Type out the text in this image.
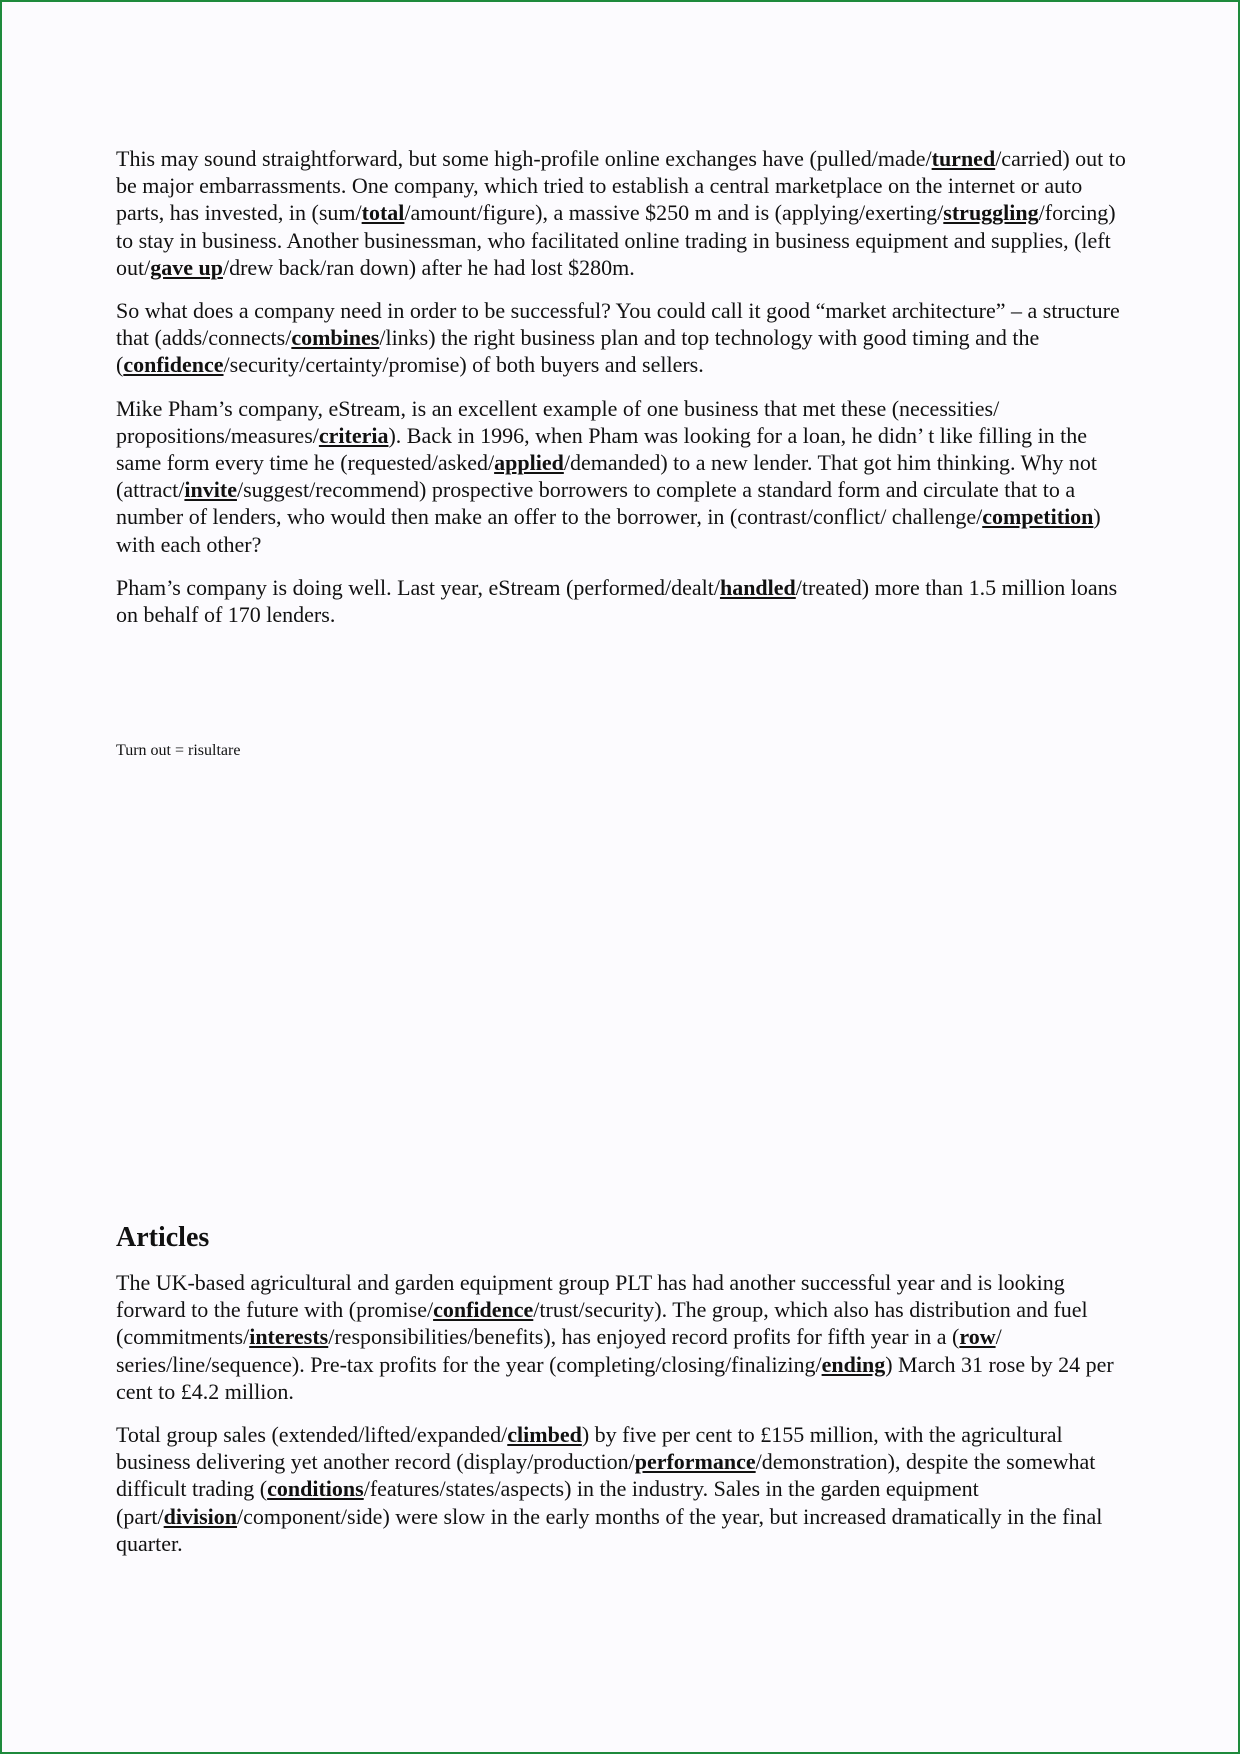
This may sound straightforward, but some high-profile online exchanges have (pulled/made/turned/carried) out to be major embarrassments. One company, which tried to establish a central marketplace on the internet or auto parts, has invested, in (sum/total/amount/figure), a massive $250 m and is (applying/exerting/struggling/forcing) to stay in business. Another businessman, who facilitated online trading in business equipment and supplies, (left out/gave up/drew back/ran down) after he had lost $280m.

So what does a company need in order to be successful? You could call it good “market architecture” – a structure that (adds/connects/combines/links) the right business plan and top technology with good timing and the (confidence/security/certainty/promise) of both buyers and sellers.

Mike Pham’s company, eStream, is an excellent example of one business that met these (necessities/ propositions/measures/criteria). Back in 1996, when Pham was looking for a loan, he didn’ t like filling in the same form every time he (requested/asked/applied/demanded) to a new lender. That got him thinking. Why not (attract/invite/suggest/recommend) prospective borrowers to complete a standard form and circulate that to a number of lenders, who would then make an offer to the borrower, in (contrast/conflict/ challenge/competition) with each other?

Pham’s company is doing well. Last year, eStream (performed/dealt/handled/treated) more than 1.5 million loans on behalf of 170 lenders.

Turn out = risultare
Articles

The UK-based agricultural and garden equipment group PLT has had another successful year and is looking forward to the future with (promise/confidence/trust/security). The group, which also has distribution and fuel (commitments/interests/responsibilities/benefits), has enjoyed record profits for fifth year in a (row/ series/line/sequence). Pre-tax profits for the year (completing/closing/finalizing/ending) March 31 rose by 24 per cent to £4.2 million.

Total group sales (extended/lifted/expanded/climbed) by five per cent to £155 million, with the agricultural business delivering yet another record (display/production/performance/demonstration), despite the somewhat difficult trading (conditions/features/states/aspects) in the industry. Sales in the garden equipment (part/division/component/side) were slow in the early months of the year, but increased dramatically in the final quarter.
